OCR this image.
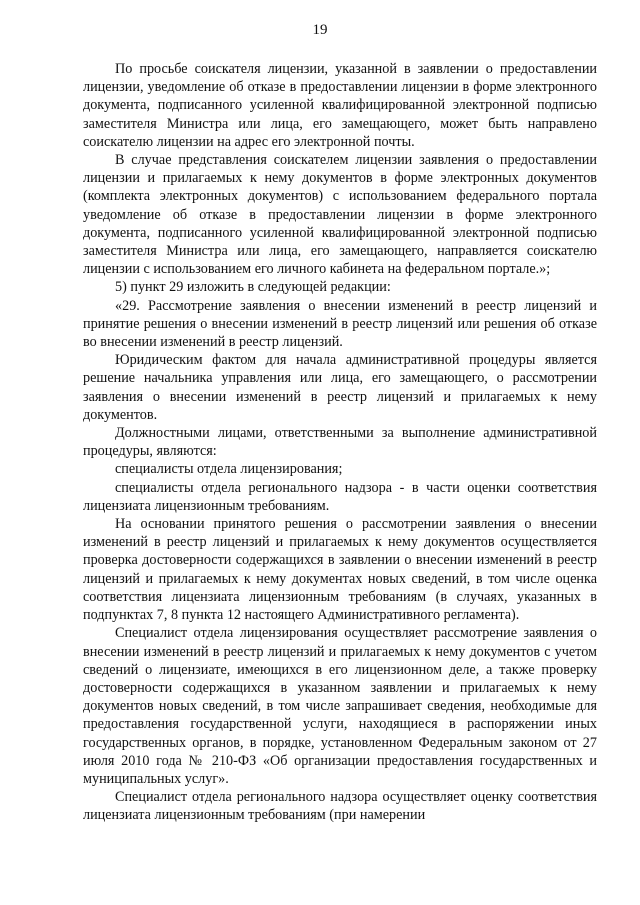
19

По просьбе соискателя лицензии, указанной в заявлении о предоставлении лицензии, уведомление об отказе в предоставлении лицензии в форме электронного документа, подписанного усиленной квалифицированной электронной подписью заместителя Министра или лица, его замещающего, может быть направлено соискателю лицензии на адрес его электронной почты.

В случае представления соискателем лицензии заявления о предоставлении лицензии и прилагаемых к нему документов в форме электронных документов (комплекта электронных документов) с использованием федерального портала уведомление об отказе в предоставлении лицензии в форме электронного документа, подписанного усиленной квалифицированной электронной подписью заместителя Министра или лица, его замещающего, направляется соискателю лицензии с использованием его личного кабинета на федеральном портале.»;

5) пункт 29 изложить в следующей редакции:

«29. Рассмотрение заявления о внесении изменений в реестр лицензий и принятие решения о внесении изменений в реестр лицензий или решения об отказе во внесении изменений в реестр лицензий.

Юридическим фактом для начала административной процедуры является решение начальника управления или лица, его замещающего, о рассмотрении заявления о внесении изменений в реестр лицензий и прилагаемых к нему документов.

Должностными лицами, ответственными за выполнение административной процедуры, являются:

специалисты отдела лицензирования;

специалисты отдела регионального надзора - в части оценки соответствия лицензиата лицензионным требованиям.

На основании принятого решения о рассмотрении заявления о внесении изменений в реестр лицензий и прилагаемых к нему документов осуществляется проверка достоверности содержащихся в заявлении о внесении изменений в реестр лицензий и прилагаемых к нему документах новых сведений, в том числе оценка соответствия лицензиата лицензионным требованиям (в случаях, указанных в подпунктах 7, 8 пункта 12 настоящего Административного регламента).

Специалист отдела лицензирования осуществляет рассмотрение заявления о внесении изменений в реестр лицензий и прилагаемых к нему документов с учетом сведений о лицензиате, имеющихся в его лицензионном деле, а также проверку достоверности содержащихся в указанном заявлении и прилагаемых к нему документов новых сведений, в том числе запрашивает сведения, необходимые для предоставления государственной услуги, находящиеся в распоряжении иных государственных органов, в порядке, установленном Федеральным законом от 27 июля 2010 года № 210-ФЗ «Об организации предоставления государственных и муниципальных услуг».

Специалист отдела регионального надзора осуществляет оценку соответствия лицензиата лицензионным требованиям (при намерении
